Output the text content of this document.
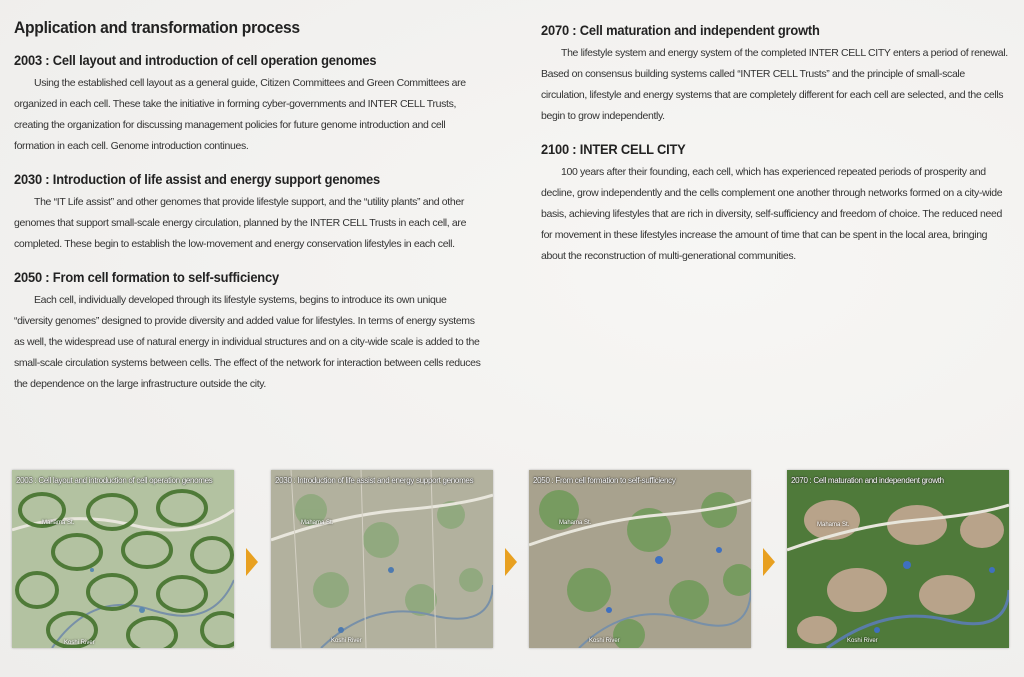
Application and transformation process
2003 : Cell layout and introduction of cell operation genomes

Using the established cell layout as a general guide, Citizen Committees and Green Committees are organized in each cell. These take the initiative in forming cyber-governments and INTER CELL Trusts, creating the organization for discussing management policies for future genome introduction and cell formation in each cell. Genome introduction continues.

2030 : Introduction of life assist and energy support genomes

The “IT Life assist” and other genomes that provide lifestyle support, and the “utility plants” and other genomes that support small-scale energy circulation, planned by the INTER CELL Trusts in each cell, are completed. These begin to establish the low-movement and energy conservation lifestyles in each cell.

2050 : From cell formation to self-sufficiency

Each cell, individually developed through its lifestyle systems, begins to introduce its own unique “diversity genomes” designed to provide diversity and added value for lifestyles. In terms of energy systems as well, the widespread use of natural energy in individual structures and on a city-wide scale is added to the small-scale circulation systems between cells. The effect of the network for interaction between cells reduces the dependence on the large infrastructure outside the city.

2070 : Cell maturation and independent growth

The lifestyle system and energy system of the completed INTER CELL CITY enters a period of renewal. Based on consensus building systems called “INTER CELL Trusts” and the principle of small-scale circulation, lifestyle and energy systems that are completely different for each cell are selected, and the cells begin to grow independently.

2100 : INTER CELL CITY

100 years after their founding, each cell, which has experienced repeated periods of prosperity and decline, grow independently and the cells complement one another through networks formed on a city-wide basis, achieving lifestyles that are rich in diversity, self-sufficiency and freedom of choice. The reduced need for movement in these lifestyles increase the amount of time that can be spent in the local area, bringing about the reconstruction of multi-generational communities.

2003 : Cell layout and introduction of cell operation genomes
Mahama St.
Koshi River
2030 : Introduction of life assist and energy support genomes
Mahama St.
Koshi River
2050 : From cell formation to self-sufficiency
Mahama St.
Koshi River
2070 : Cell maturation and independent growth
Mahama St.
Koshi River
